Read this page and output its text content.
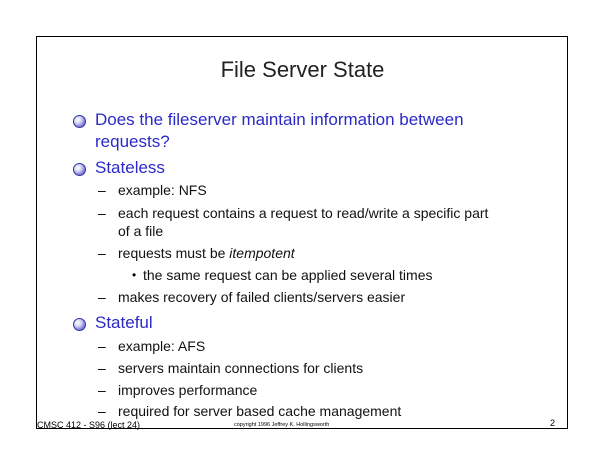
File Server State
Does the fileserver maintain information between
requests?
Stateless
– example: NFS
– each request contains a request to read/write a specific part
of a file
– requests must be itempotent
• the same request can be applied several times
– makes recovery of failed clients/servers easier
Stateful
– example: AFS
– servers maintain connections for clients
– improves performance
– required for server based cache management
CMSC 412 - S96 (lect 24)	copyright 1996 Jeffrey K. Hollingsworth	2
